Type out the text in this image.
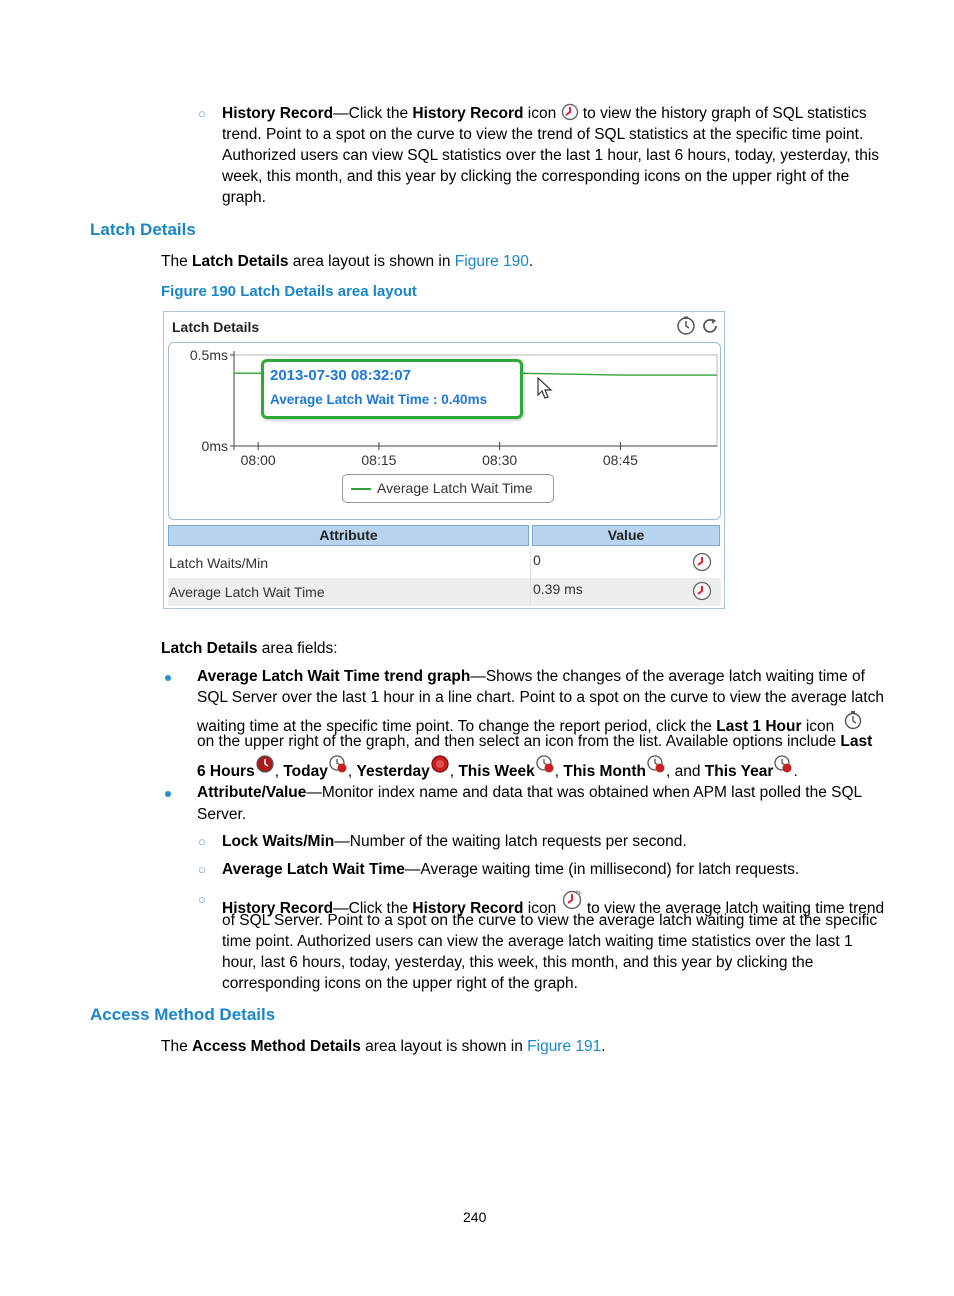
○ History Record—Click the History Record icon  to view the history graph of SQL statistics
trend. Point to a spot on the curve to view the trend of SQL statistics at the specific time point.
Authorized users can view SQL statistics over the last 1 hour, last 6 hours, today, yesterday, this
week, this month, and this year by clicking the corresponding icons on the upper right of the
graph.
Latch Details
The Latch Details area layout is shown in Figure 190.
Figure 190 Latch Details area layout
Latch Details
0.5ms
0ms
08:00	08:15	08:30	08:45
2013-07-30 08:32:07
Average Latch Wait Time : 0.40ms
Average Latch Wait Time
Attribute	Value
Latch Waits/Min	0
Average Latch Wait Time	0.39 ms
Latch Details area fields:
Average Latch Wait Time trend graph—Shows the changes of the average latch waiting time of
SQL Server over the last 1 hour in a line chart. Point to a spot on the curve to view the average latch
waiting time at the specific time point. To change the report period, click the Last 1 Hour icon
on the upper right of the graph, and then select an icon from the list. Available options include Last
6 Hours , Today , Yesterday , This Week , This Month , and This Year .
Attribute/Value—Monitor index name and data that was obtained when APM last polled the SQL
Server.
○ Lock Waits/Min—Number of the waiting latch requests per second.
○ Average Latch Wait Time—Average waiting time (in millisecond) for latch requests.
○
History Record—Click the History Record icon  to view the average latch waiting time trend
of SQL Server. Point to a spot on the curve to view the average latch waiting time at the specific
time point. Authorized users can view the average latch waiting time statistics over the last 1
hour, last 6 hours, today, yesterday, this week, this month, and this year by clicking the
corresponding icons on the upper right of the graph.
Access Method Details
The Access Method Details area layout is shown in Figure 191.
240
